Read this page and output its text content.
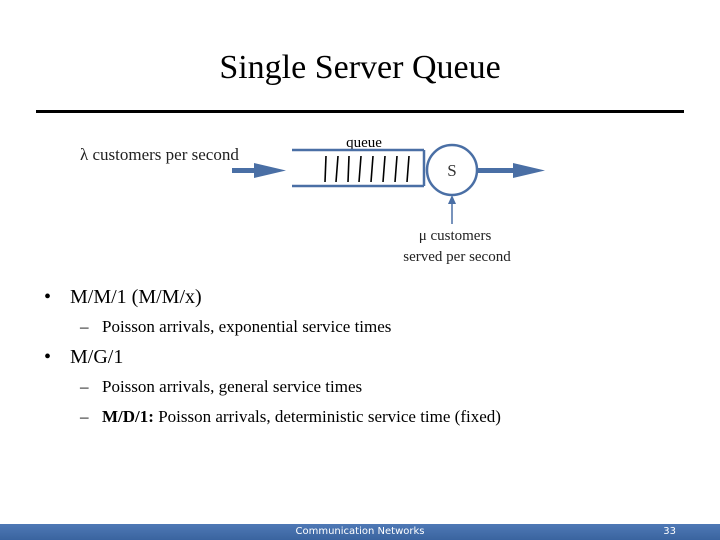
Single Server Queue
λ customers per second
queue
S
μ customers
served per second
• M/M/1 (M/M/x)
– Poisson arrivals, exponential service times
• M/G/1
– Poisson arrivals, general service times
– M/D/1: Poisson arrivals, deterministic service time (fixed)
Communication Networks	33
